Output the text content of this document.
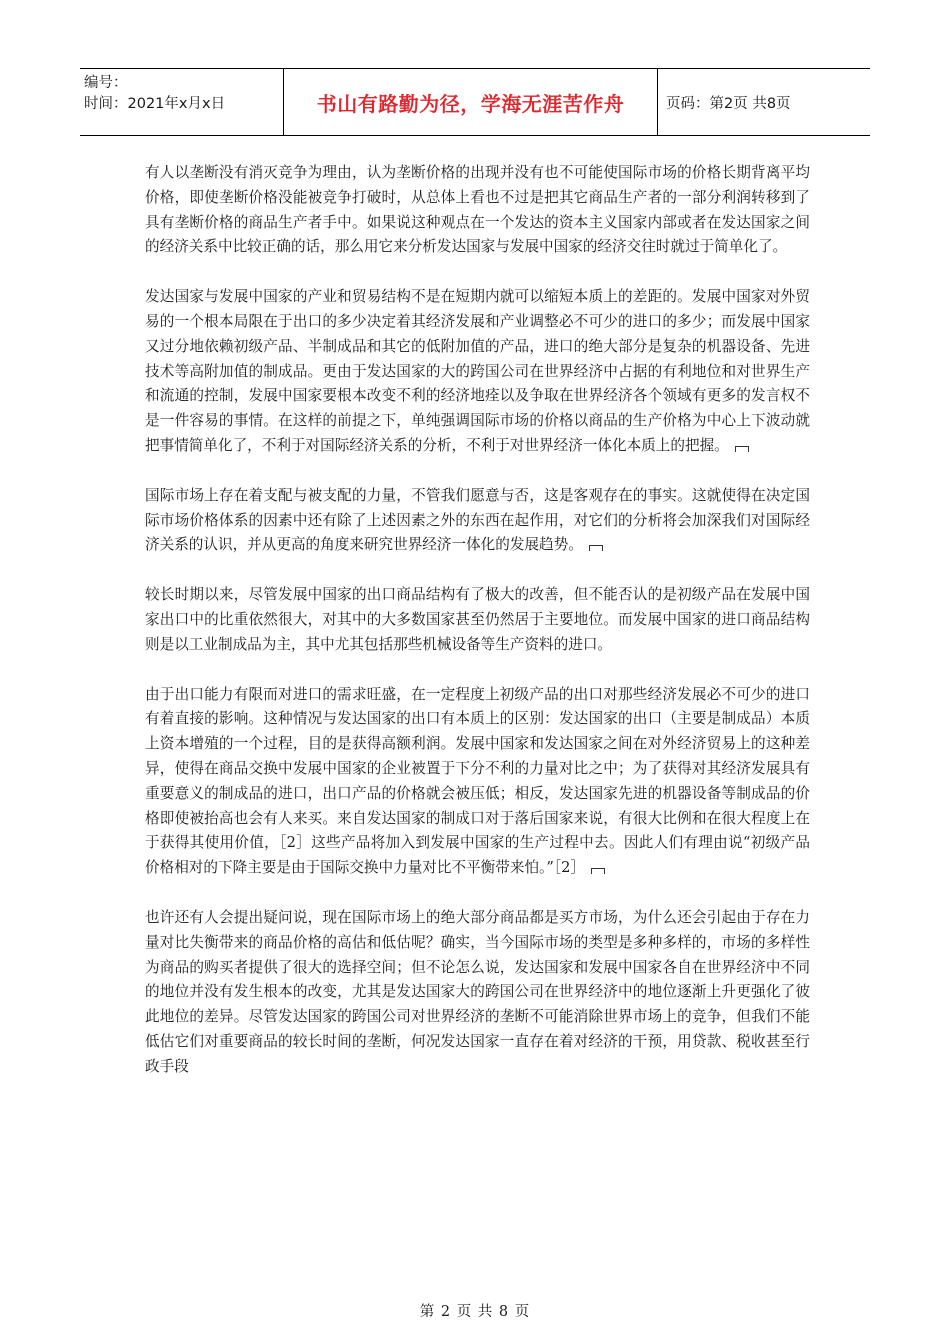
编号：
时间：2021年x月x日	书山有路勤为径，学海无涯苦作舟	页码：第2页 共8页

有人以垄断没有消灭竞争为理由，认为垄断价格的出现并没有也不可能使国际市场的价格长期背离平均价格，即使垄断价格没能被竞争打破时，从总体上看也不过是把其它商品生产者的一部分利润转移到了具有垄断价格的商品生产者手中。如果说这种观点在一个发达的资本主义国家内部或者在发达国家之间的经济关系中比较正确的话，那么用它来分析发达国家与发展中国家的经济交往时就过于简单化了。

发达国家与发展中国家的产业和贸易结构不是在短期内就可以缩短本质上的差距的。发展中国家对外贸易的一个根本局限在于出口的多少决定着其经济发展和产业调整必不可少的进口的多少；而发展中国家又过分地依赖初级产品、半制成品和其它的低附加值的产品，进口的绝大部分是复杂的机器设备、先进技术等高附加值的制成品。更由于发达国家的大的跨国公司在世界经济中占据的有利地位和对世界生产和流通的控制，发展中国家要根本改变不利的经济地痊以及争取在世界经济各个领域有更多的发言权不是一件容易的事情。在这样的前提之下，单纯强调国际市场的价格以商品的生产价格为中心上下波动就把事情简单化了，不利于对国际经济关系的分析，不利于对世界经济一体化本质上的把握。

国际市场上存在着支配与被支配的力量，不管我们愿意与否，这是客观存在的事实。这就使得在决定国际市场价格体系的因素中还有除了上述因素之外的东西在起作用，对它们的分析将会加深我们对国际经济关系的认识，并从更高的角度来研究世界经济一体化的发展趋势。

较长时期以来，尽管发展中国家的出口商品结构有了极大的改善，但不能否认的是初级产品在发展中国家出口中的比重依然很大，对其中的大多数国家甚至仍然居于主要地位。而发展中国家的进口商品结构则是以工业制成品为主，其中尤其包括那些机械设备等生产资料的进口。

由于出口能力有限而对进口的需求旺盛，在一定程度上初级产品的出口对那些经济发展必不可少的进口有着直接的影响。这种情况与发达国家的出口有本质上的区别：发达国家的出口（主要是制成品）本质上资本增殖的一个过程，目的是获得高额利润。发展中国家和发达国家之间在对外经济贸易上的这种差异，使得在商品交换中发展中国家的企业被置于下分不利的力量对比之中；为了获得对其经济发展具有重要意义的制成品的进口，出口产品的价格就会被压低；相反，发达国家先进的机器设备等制成品的价格即使被抬高也会有人来买。来自发达国家的制成口对于落后国家来说，有很大比例和在很大程度上在于获得其使用价值，［2］这些产品将加入到发展中国家的生产过程中去。因此人们有理由说“初级产品价格相对的下降主要是由于国际交换中力量对比不平衡带来怕。”［2］

也许还有人会提出疑问说，现在国际市场上的绝大部分商品都是买方市场，为什么还会引起由于存在力量对比失衡带来的商品价格的高估和低估呢？确实，当今国际市场的类型是多种多样的，市场的多样性为商品的购买者提供了很大的选择空间；但不论怎么说，发达国家和发展中国家各自在世界经济中不同的地位并没有发生根本的改变，尤其是发达国家大的跨国公司在世界经济中的地位逐渐上升更强化了彼此地位的差异。尽管发达国家的跨国公司对世界经济的垄断不可能消除世界市场上的竞争，但我们不能低估它们对重要商品的较长时间的垄断，何况发达国家一直存在着对经济的干预，用贷款、税收甚至行政手段

第 2 页 共 8 页
